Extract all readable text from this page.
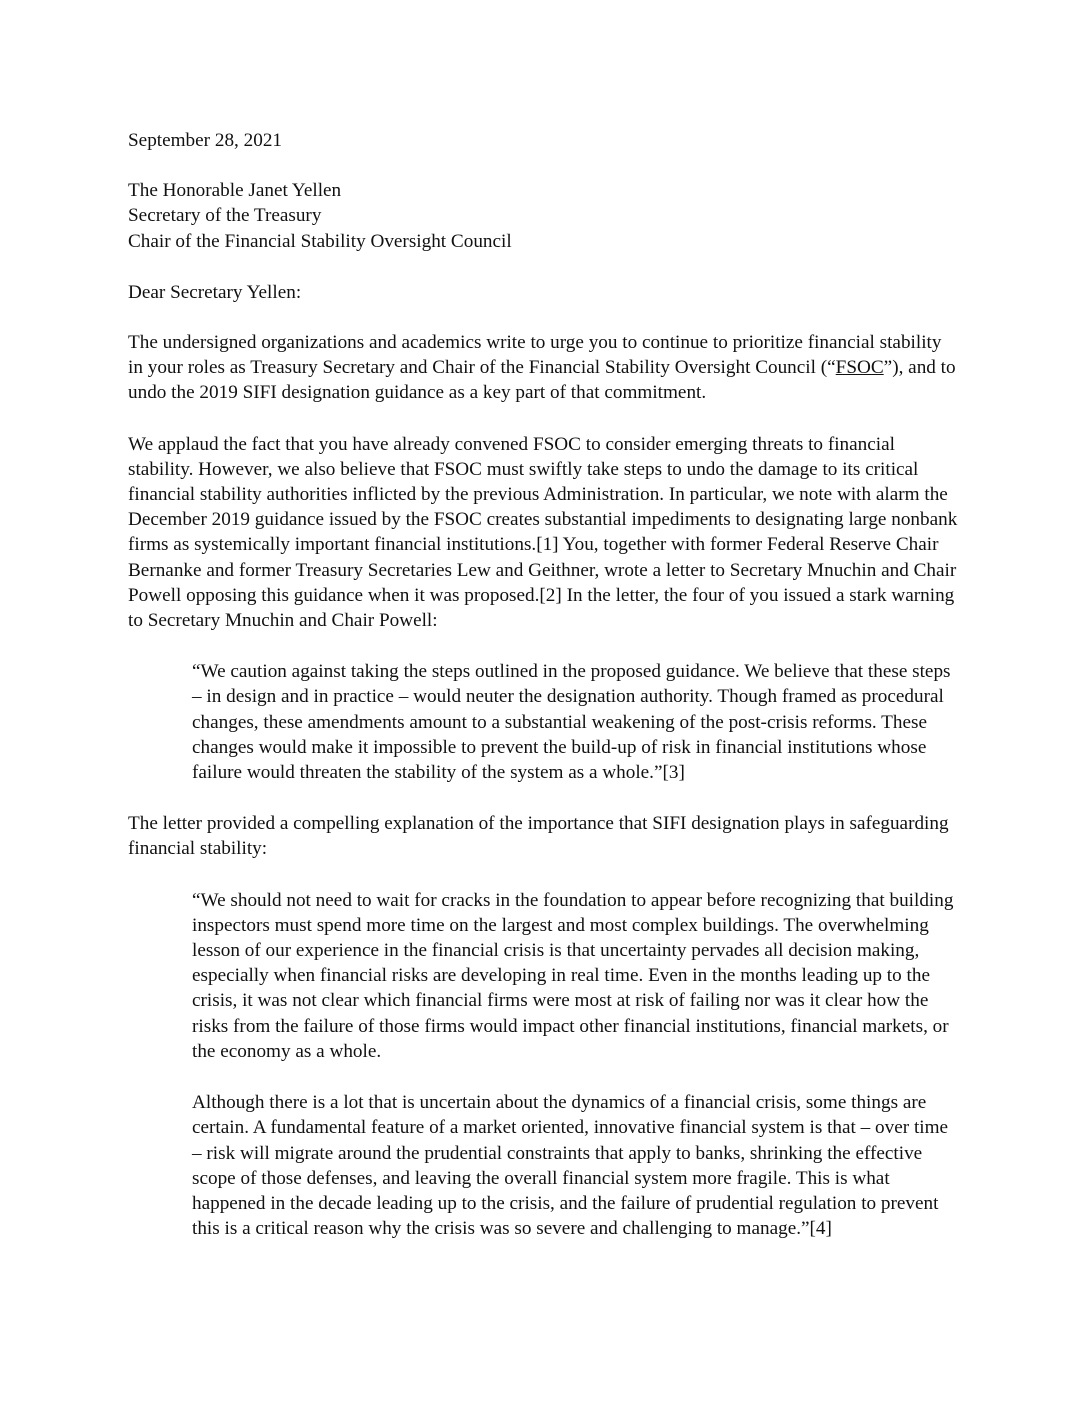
September 28, 2021

The Honorable Janet Yellen

Secretary of the Treasury

Chair of the Financial Stability Oversight Council

Dear Secretary Yellen:

The undersigned organizations and academics write to urge you to continue to prioritize financial stability in your roles as Treasury Secretary and Chair of the Financial Stability Oversight Council (“FSOC”), and to undo the 2019 SIFI designation guidance as a key part of that commitment.

We applaud the fact that you have already convened FSOC to consider emerging threats to financial stability. However, we also believe that FSOC must swiftly take steps to undo the damage to its critical financial stability authorities inflicted by the previous Administration. In particular, we note with alarm the December 2019 guidance issued by the FSOC creates substantial impediments to designating large nonbank firms as systemically important financial institutions.[1] You, together with former Federal Reserve Chair Bernanke and former Treasury Secretaries Lew and Geithner, wrote a letter to Secretary Mnuchin and Chair Powell opposing this guidance when it was proposed.[2] In the letter, the four of you issued a stark warning to Secretary Mnuchin and Chair Powell:

“We caution against taking the steps outlined in the proposed guidance. We believe that these steps – in design and in practice – would neuter the designation authority. Though framed as procedural changes, these amendments amount to a substantial weakening of the post-crisis reforms. These changes would make it impossible to prevent the build-up of risk in financial institutions whose failure would threaten the stability of the system as a whole.”[3]

The letter provided a compelling explanation of the importance that SIFI designation plays in safeguarding financial stability:

“We should not need to wait for cracks in the foundation to appear before recognizing that building inspectors must spend more time on the largest and most complex buildings. The overwhelming lesson of our experience in the financial crisis is that uncertainty pervades all decision making, especially when financial risks are developing in real time. Even in the months leading up to the crisis, it was not clear which financial firms were most at risk of failing nor was it clear how the risks from the failure of those firms would impact other financial institutions, financial markets, or the economy as a whole.

Although there is a lot that is uncertain about the dynamics of a financial crisis, some things are certain. A fundamental feature of a market oriented, innovative financial system is that – over time – risk will migrate around the prudential constraints that apply to banks, shrinking the effective scope of those defenses, and leaving the overall financial system more fragile. This is what happened in the decade leading up to the crisis, and the failure of prudential regulation to prevent this is a critical reason why the crisis was so severe and challenging to manage.”[4]
